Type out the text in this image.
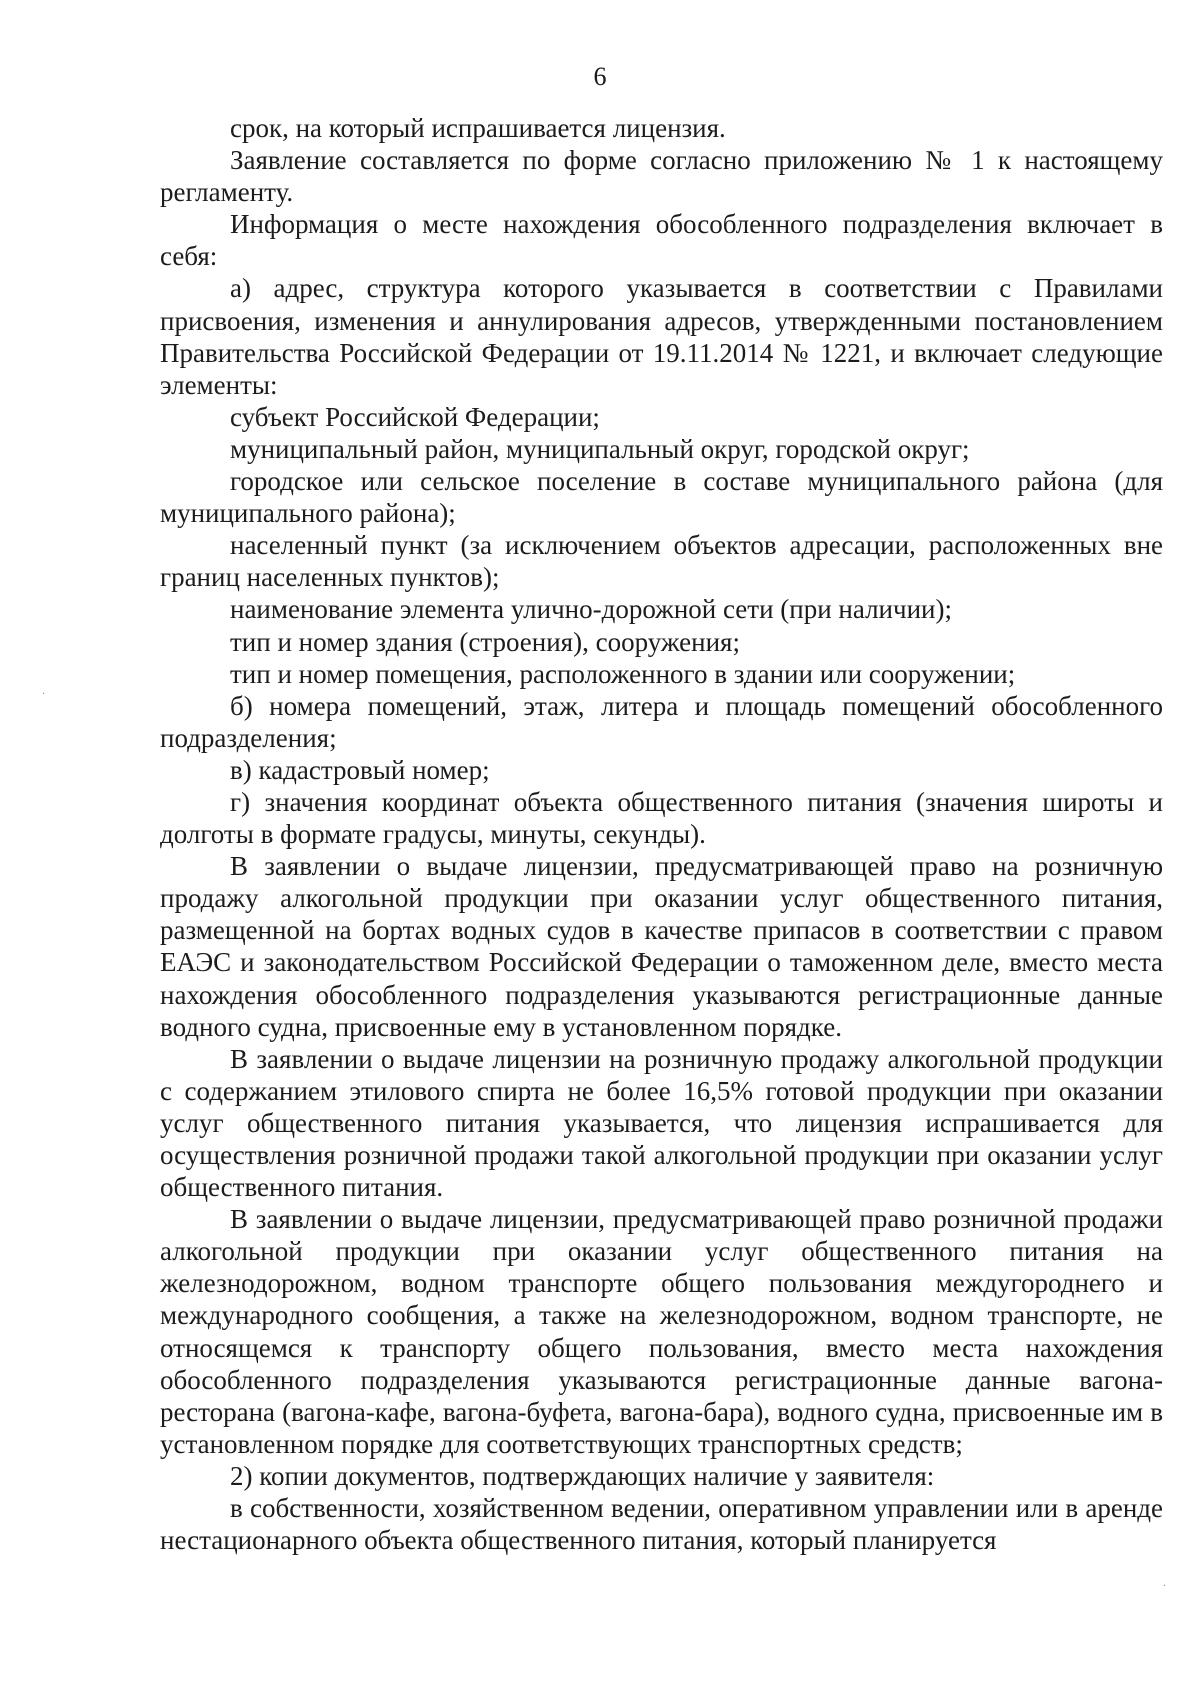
6

срок, на который испрашивается лицензия.

Заявление составляется по форме согласно приложению № 1 к настоящему регламенту.

Информация о месте нахождения обособленного подразделения включает в себя:

а) адрес, структура которого указывается в соответствии с Правилами присвоения, изменения и аннулирования адресов, утвержденными постановлением Правительства Российской Федерации от 19.11.2014 № 1221, и включает следующие элементы:

субъект Российской Федерации;

муниципальный район, муниципальный округ, городской округ;

городское или сельское поселение в составе муниципального района (для муниципального района);

населенный пункт (за исключением объектов адресации, расположенных вне границ населенных пунктов);

наименование элемента улично-дорожной сети (при наличии);

тип и номер здания (строения), сооружения;

тип и номер помещения, расположенного в здании или сооружении;

б) номера помещений, этаж, литера и площадь помещений обособленного подразделения;

в) кадастровый номер;

г) значения координат объекта общественного питания (значения широты и долготы в формате градусы, минуты, секунды).

В заявлении о выдаче лицензии, предусматривающей право на розничную продажу алкогольной продукции при оказании услуг общественного питания, размещенной на бортах водных судов в качестве припасов в соответствии с правом ЕАЭС и законодательством Российской Федерации о таможенном деле, вместо места нахождения обособленного подразделения указываются регистрационные данные водного судна, присвоенные ему в установленном порядке.

В заявлении о выдаче лицензии на розничную продажу алкогольной продукции с содержанием этилового спирта не более 16,5% готовой продукции при оказании услуг общественного питания указывается, что лицензия испрашивается для осуществления розничной продажи такой алкогольной продукции при оказании услуг общественного питания.

В заявлении о выдаче лицензии, предусматривающей право розничной продажи алкогольной продукции при оказании услуг общественного питания на железнодорожном, водном транспорте общего пользования междугороднего и международного сообщения, а также на железнодорожном, водном транспорте, не относящемся к транспорту общего пользования, вместо места нахождения обособленного подразделения указываются регистрационные данные вагона-ресторана (вагона-кафе, вагона-буфета, вагона-бара), водного судна, присвоенные им в установленном порядке для соответствующих транспортных средств;

2) копии документов, подтверждающих наличие у заявителя:

в собственности, хозяйственном ведении, оперативном управлении или в аренде нестационарного объекта общественного питания, который планируется

·
·
